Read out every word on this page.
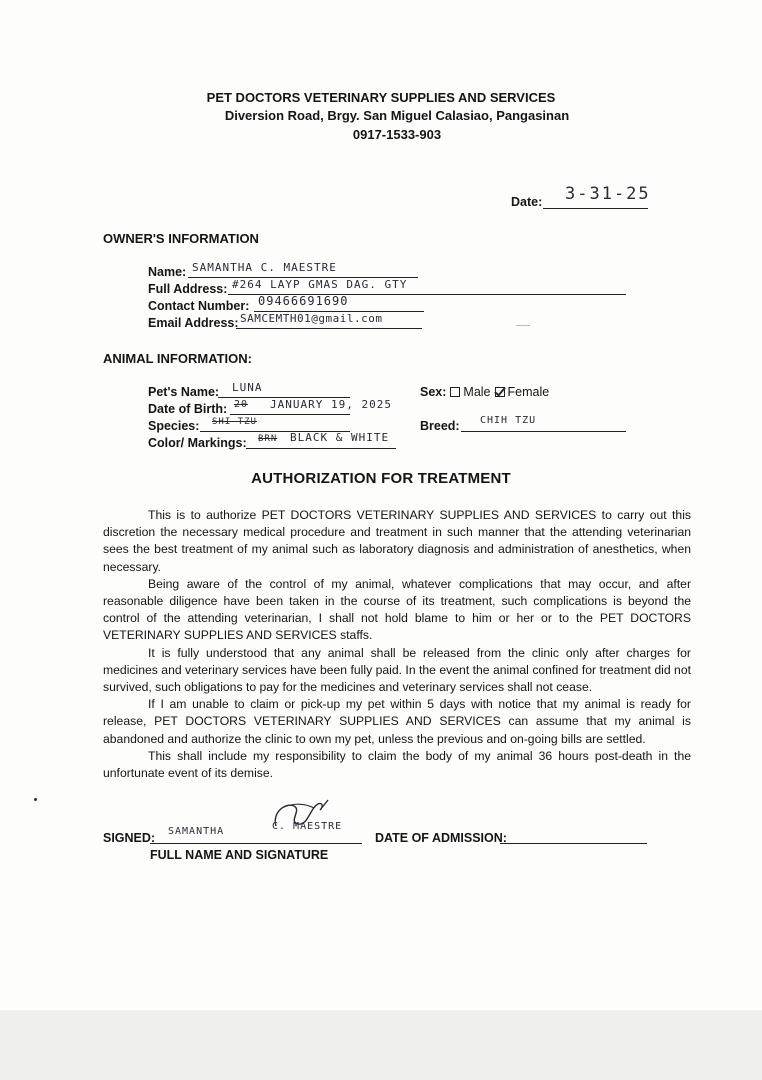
PET DOCTORS VETERINARY SUPPLIES AND SERVICES
Diversion Road, Brgy. San Miguel Calasiao, Pangasinan
0917-1533-903
Date: 3-31-25
OWNER'S INFORMATION
Name: SAMANTHA C. MAESTRE
Full Address: #264 LAYP GMAS DAG. GTY
Contact Number: 09466691690
Email Address: SAMCEMTH01@gmail.com
ANIMAL INFORMATION:
Pet's Name: LUNA
Date of Birth: 20 JANUARY 19, 2025
Species: SHI TZU
Color/ Markings: BRN BLACK & WHITE
Sex: Male Female
Breed: CHIH TZU
AUTHORIZATION FOR TREATMENT

This is to authorize PET DOCTORS VETERINARY SUPPLIES AND SERVICES to carry out this discretion the necessary medical procedure and treatment in such manner that the attending veterinarian sees the best treatment of my animal such as laboratory diagnosis and administration of anesthetics, when necessary.

Being aware of the control of my animal, whatever complications that may occur, and after reasonable diligence have been taken in the course of its treatment, such complications is beyond the control of the attending veterinarian, I shall not hold blame to him or her or to the PET DOCTORS VETERINARY SUPPLIES AND SERVICES staffs.

It is fully understood that any animal shall be released from the clinic only after charges for medicines and veterinary services have been fully paid. In the event the animal confined for treatment did not survived, such obligations to pay for the medicines and veterinary services shall not cease.

If I am unable to claim or pick-up my pet within 5 days with notice that my animal is ready for release, PET DOCTORS VETERINARY SUPPLIES AND SERVICES can assume that my animal is abandoned and authorize the clinic to own my pet, unless the previous and on-going bills are settled.

This shall include my responsibility to claim the body of my animal 36 hours post-death in the unfortunate event of its demise.

SIGNED: SAMANTHA	C. MAESTRE
FULL NAME AND SIGNATURE
DATE OF ADMISSION:
